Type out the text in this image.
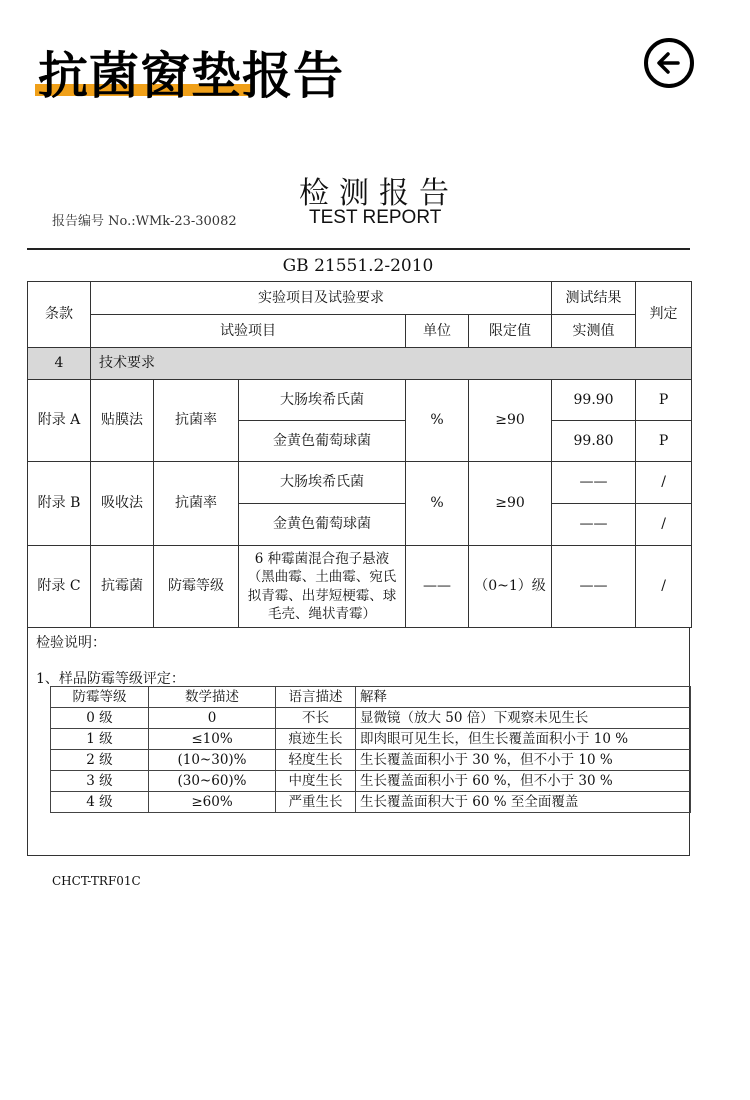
抗菌窗垫报告
检测报告
报告编号 No.:WMk-23-30082	TEST REPORT
GB 21551.2-2010
条款	实验项目及试验要求					测试结果	判定
	试验项目			单位	限定值	实测值	
4	技术要求						
附录 A	贴膜法	抗菌率	大肠埃希氏菌	%	≥90	99.90	P
			金黄色葡萄球菌			99.80	P
附录 B	吸收法	抗菌率	大肠埃希氏菌	%	≥90	——	/
			金黄色葡萄球菌			——	/
附录 C	抗霉菌	防霉等级	6 种霉菌混合孢子悬液（黑曲霉、土曲霉、宛氏拟青霉、出芽短梗霉、球毛壳、绳状青霉）	——	（0~1）级	——	/
检验说明：
1、样品防霉等级评定：
防霉等级	数学描述	语言描述	解释
0 级	0	不长	显微镜（放大 50 倍）下观察未见生长
1 级	≤10%	痕迹生长	即肉眼可见生长，但生长覆盖面积小于 10 %
2 级	(10~30)%	轻度生长	生长覆盖面积小于 30 %，但不小于 10 %
3 级	(30~60)%	中度生长	生长覆盖面积小于 60 %，但不小于 30 %
4 级	≥60%	严重生长	生长覆盖面积大于 60 % 至全面覆盖
CHCT-TRF01C
